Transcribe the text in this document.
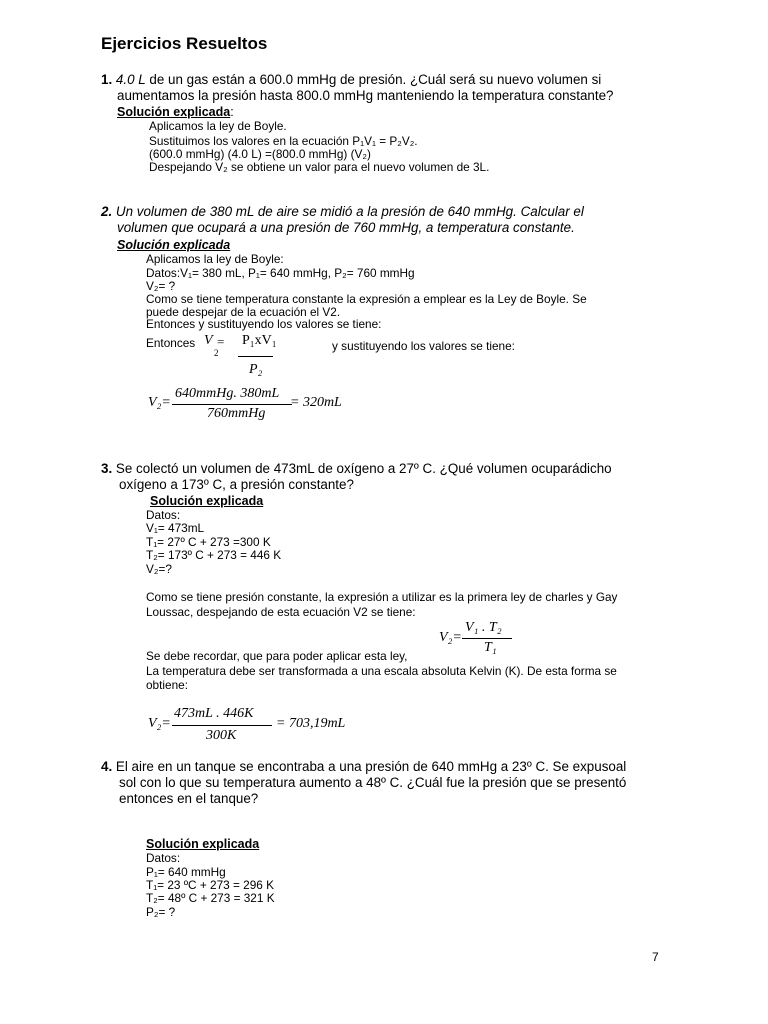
Ejercicios Resueltos
1. 4.0 L de un gas están a 600.0 mmHg de presión. ¿Cuál será su nuevo volumen si
aumentamos la presión hasta 800.0 mmHg manteniendo la temperatura constante?
Solución explicada:
Aplicamos la ley de Boyle.
Sustituimos los valores en la ecuación P₁V₁ = P₂V₂.
(600.0 mmHg) (4.0 L) =(800.0 mmHg) (V₂)
Despejando V₂ se obtiene un valor para el nuevo volumen de 3L.
2. Un volumen de 380 mL de aire se midió a la presión de 640 mmHg. Calcular el
volumen que ocupará a una presión de 760 mmHg, a temperatura constante.
Solución explicada
Aplicamos la ley de Boyle:
Datos:V₁= 380 mL, P₁= 640 mmHg, P₂= 760 mmHg
V₂= ?
Como se tiene temperatura constante la expresión a emplear es la Ley de Boyle. Se
puede despejar de la ecuación el V2.
Entonces y sustituyendo los valores se tiene:
Entonces V
2
= P₁xV₁
P₂
y sustituyendo los valores se tiene:
V₂=
640mmHg. 380mL
760mmHg
= 320mL
3. Se colectó un volumen de 473mL de oxígeno a 27º C. ¿Qué volumen ocuparádicho
oxígeno a 173º C, a presión constante?
Solución explicada
Datos:
V₁= 473mL
T₁= 27º C + 273 =300 K
T₂= 173º C + 273 = 446 K
V₂=?
Como se tiene presión constante, la expresión a utilizar es la primera ley de charles y Gay
Loussac, despejando de esta ecuación V2 se tiene:
V₂=
V₁ . T₂
T₁
Se debe recordar, que para poder aplicar esta ley,
La temperatura debe ser transformada a una escala absoluta Kelvin (K). De esta forma se
obtiene:
V₂=
473mL . 446K
300K
= 703,19mL
4. El aire en un tanque se encontraba a una presión de 640 mmHg a 23º C. Se expusoal
sol con lo que su temperatura aumento a 48º C. ¿Cuál fue la presión que se presentó
entonces en el tanque?
Solución explicada
Datos:
P₁= 640 mmHg
T₁= 23 ºC + 273 = 296 K
T₂= 48º C + 273 = 321 K
P₂= ?
7
